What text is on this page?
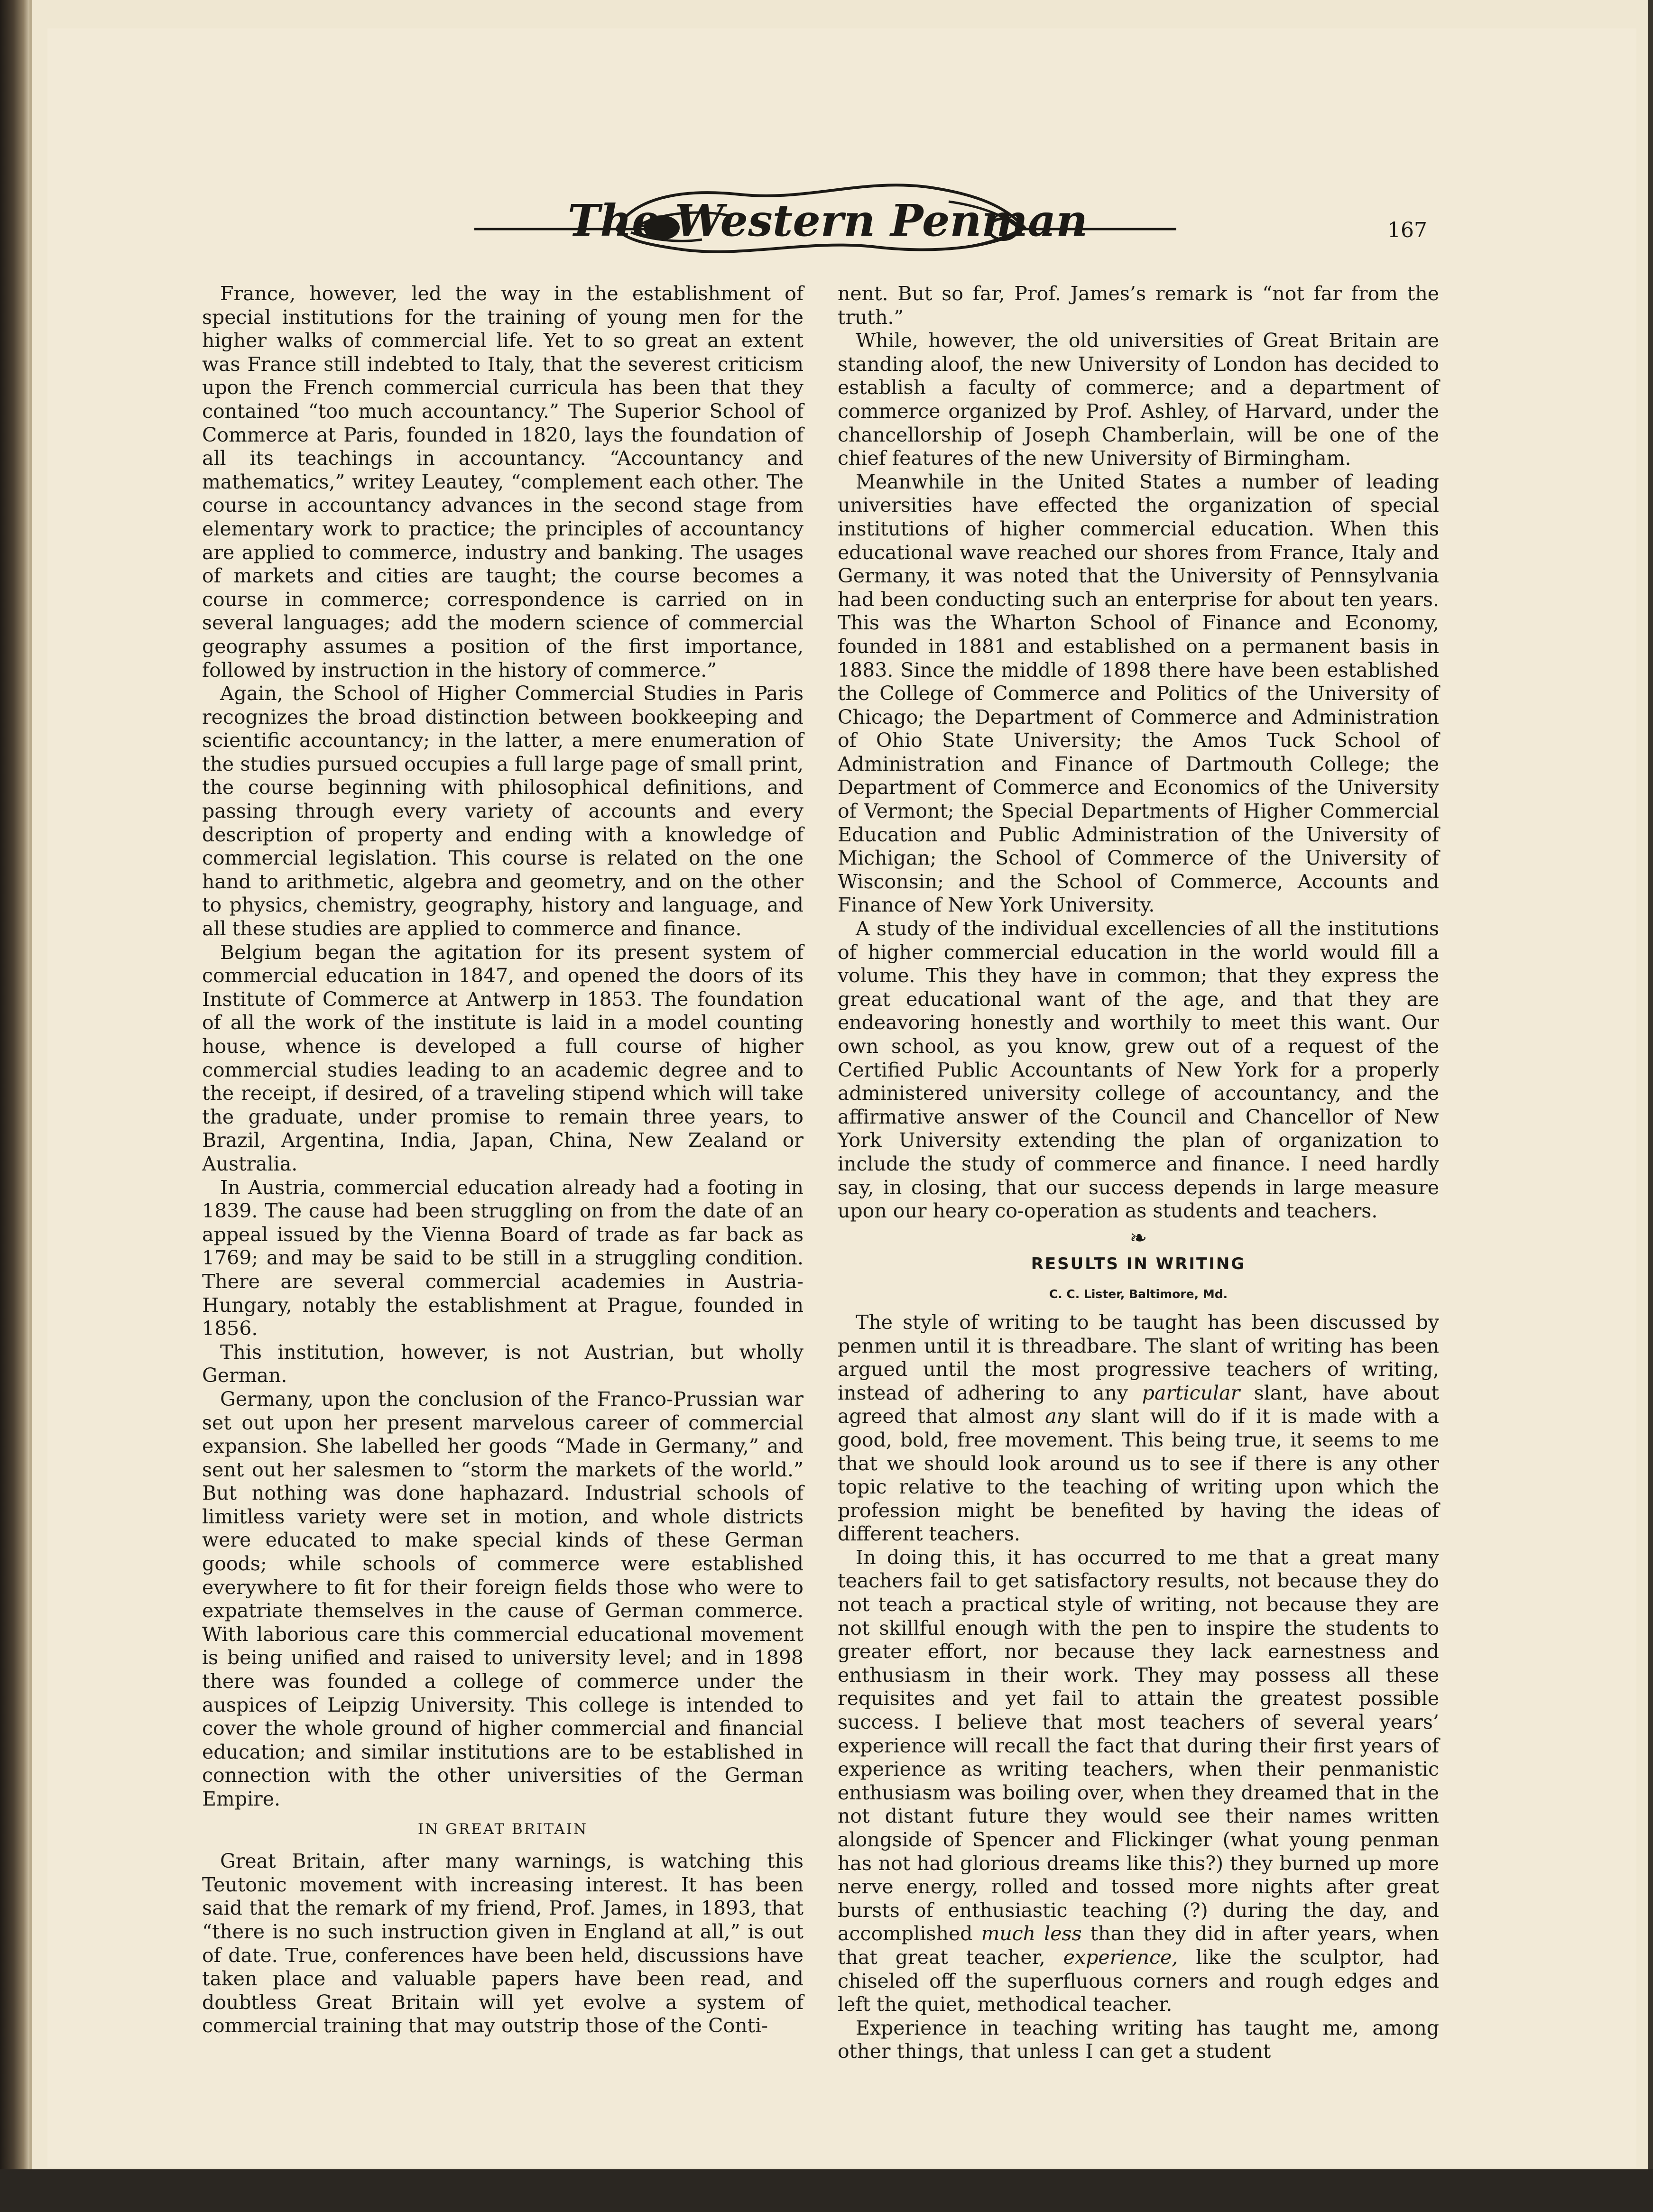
The Western Penman	167

France, however, led the way in the establishment of special institutions for the training of young men for the higher walks of commercial life. Yet to so great an extent was France still indebted to Italy, that the severest criticism upon the French commercial curricula has been that they contained “too much accountancy.” The Superior School of Commerce at Paris, founded in 1820, lays the foundation of all its teachings in accountancy. “Accountancy and mathematics,” writey Leautey, “complement each other. The course in accountancy advances in the second stage from elementary work to practice; the principles of accountancy are applied to commerce, industry and banking. The usages of markets and cities are taught; the course becomes a course in commerce; correspondence is carried on in several languages; add the modern science of commercial geography assumes a position of the first importance, followed by instruction in the history of commerce.”

Again, the School of Higher Commercial Studies in Paris recognizes the broad distinction between bookkeeping and scientific accountancy; in the latter, a mere enumeration of the studies pursued occupies a full large page of small print, the course beginning with philosophical definitions, and passing through every variety of accounts and every description of property and ending with a knowledge of commercial legislation. This course is related on the one hand to arithmetic, algebra and geometry, and on the other to physics, chemistry, geography, history and language, and all these studies are applied to commerce and finance.

Belgium began the agitation for its present system of commercial education in 1847, and opened the doors of its Institute of Commerce at Antwerp in 1853. The foundation of all the work of the institute is laid in a model counting house, whence is developed a full course of higher commercial studies leading to an academic degree and to the receipt, if desired, of a traveling stipend which will take the graduate, under promise to remain three years, to Brazil, Argentina, India, Japan, China, New Zealand or Australia.

In Austria, commercial education already had a footing in 1839. The cause had been struggling on from the date of an appeal issued by the Vienna Board of trade as far back as 1769; and may be said to be still in a struggling condition. There are several commercial academies in Austria-Hungary, notably the establishment at Prague, founded in 1856.

This institution, however, is not Austrian, but wholly German.

Germany, upon the conclusion of the Franco-Prussian war set out upon her present marvelous career of commercial expansion. She labelled her goods “Made in Germany,” and sent out her salesmen to “storm the markets of the world.” But nothing was done haphazard. Industrial schools of limitless variety were set in motion, and whole districts were educated to make special kinds of these German goods; while schools of commerce were established everywhere to fit for their foreign fields those who were to expatriate themselves in the cause of German commerce. With laborious care this commercial educational movement is being unified and raised to university level; and in 1898 there was founded a college of commerce under the auspices of Leipzig University. This college is intended to cover the whole ground of higher commercial and financial education; and similar institutions are to be established in connection with the other universities of the German Empire.

IN GREAT BRITAIN

Great Britain, after many warnings, is watching this Teutonic movement with increasing interest. It has been said that the remark of my friend, Prof. James, in 1893, that “there is no such instruction given in England at all,” is out of date. True, conferences have been held, discussions have taken place and valuable papers have been read, and doubtless Great Britain will yet evolve a system of commercial training that may outstrip those of the Conti-

nent. But so far, Prof. James’s remark is “not far from the truth.”

While, however, the old universities of Great Britain are standing aloof, the new University of London has decided to establish a faculty of commerce; and a department of commerce organized by Prof. Ashley, of Harvard, under the chancellorship of Joseph Chamberlain, will be one of the chief features of the new University of Birmingham.

Meanwhile in the United States a number of leading universities have effected the organization of special institutions of higher commercial education. When this educational wave reached our shores from France, Italy and Germany, it was noted that the University of Pennsylvania had been conducting such an enterprise for about ten years. This was the Wharton School of Finance and Economy, founded in 1881 and established on a permanent basis in 1883. Since the middle of 1898 there have been established the College of Commerce and Politics of the University of Chicago; the Department of Commerce and Administration of Ohio State University; the Amos Tuck School of Administration and Finance of Dartmouth College; the Department of Commerce and Economics of the University of Vermont; the Special Departments of Higher Commercial Education and Public Administration of the University of Michigan; the School of Commerce of the University of Wisconsin; and the School of Commerce, Accounts and Finance of New York University.

A study of the individual excellencies of all the institutions of higher commercial education in the world would fill a volume. This they have in common; that they express the great educational want of the age, and that they are endeavoring honestly and worthily to meet this want. Our own school, as you know, grew out of a request of the Certified Public Accountants of New York for a properly administered university college of accountancy, and the affirmative answer of the Council and Chancellor of New York University extending the plan of organization to include the study of commerce and finance. I need hardly say, in closing, that our success depends in large measure upon our heary co-operation as students and teachers.

❧
RESULTS IN WRITING
C. C. Lister, Baltimore, Md.

The style of writing to be taught has been discussed by penmen until it is threadbare. The slant of writing has been argued until the most progressive teachers of writing, instead of adhering to any particular slant, have about agreed that almost any slant will do if it is made with a good, bold, free movement. This being true, it seems to me that we should look around us to see if there is any other topic relative to the teaching of writing upon which the profession might be benefited by having the ideas of different teachers.

In doing this, it has occurred to me that a great many teachers fail to get satisfactory results, not because they do not teach a practical style of writing, not because they are not skillful enough with the pen to inspire the students to greater effort, nor because they lack earnestness and enthusiasm in their work. They may possess all these requisites and yet fail to attain the greatest possible success. I believe that most teachers of several years’ experience will recall the fact that during their first years of experience as writing teachers, when their penmanistic enthusiasm was boiling over, when they dreamed that in the not distant future they would see their names written alongside of Spencer and Flickinger (what young penman has not had glorious dreams like this?) they burned up more nerve energy, rolled and tossed more nights after great bursts of enthusiastic teaching (?) during the day, and accomplished much less than they did in after years, when that great teacher, experience, like the sculptor, had chiseled off the superfluous corners and rough edges and left the quiet, methodical teacher.

Experience in teaching writing has taught me, among other things, that unless I can get a student
